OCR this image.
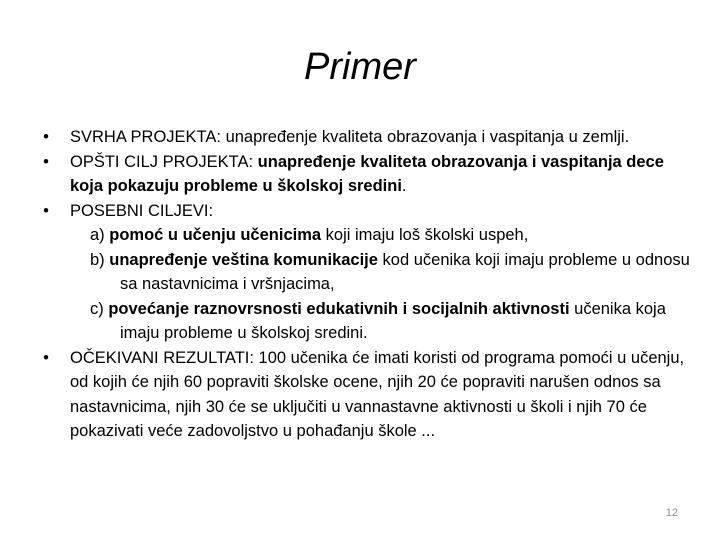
Primer
• SVRHA PROJEKTA: unapređenje kvaliteta obrazovanja i vaspitanja u zemlji.
• OPŠTI CILJ PROJEKTA: unapređenje kvaliteta obrazovanja i vaspitanja dece koja pokazuju probleme u školskoj sredini.
• POSEBNI CILJEVI:
a) pomoć u učenju učenicima koji imaju loš školski uspeh,
b) unapređenje veština komunikacije kod učenika koji imaju probleme u odnosu sa nastavnicima i vršnjacima,
c) povećanje raznovrsnosti edukativnih i socijalnih aktivnosti učenika koja imaju probleme u školskoj sredini.
• OČEKIVANI REZULTATI: 100 učenika će imati koristi od programa pomoći u učenju, od kojih će njih 60 popraviti školske ocene, njih 20 će popraviti narušen odnos sa nastavnicima, njih 30 će se uključiti u vannastavne aktivnosti u školi i njih 70 će pokazivati veće zadovoljstvo u pohađanju škole ...
12
